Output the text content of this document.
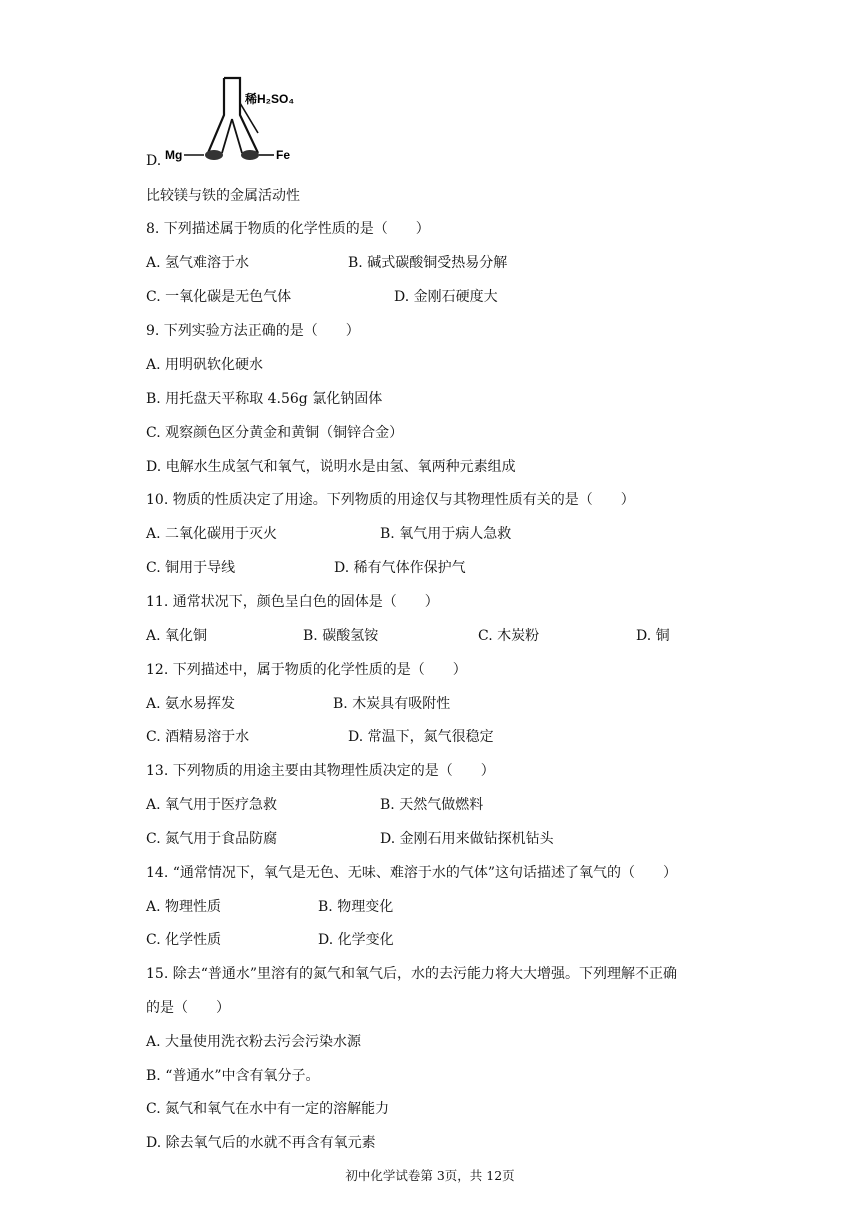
D.
稀H₂SO₄
Mg	Fe
比较镁与铁的金属活动性
8. 下列描述属于物质的化学性质的是（　　）
A. 氢气难溶于水	B. 碱式碳酸铜受热易分解
C. 一氧化碳是无色气体	D. 金刚石硬度大
9. 下列实验方法正确的是（　　）
A. 用明矾软化硬水
B. 用托盘天平称取 4.56g 氯化钠固体
C. 观察颜色区分黄金和黄铜（铜锌合金）
D. 电解水生成氢气和氧气，说明水是由氢、氧两种元素组成
10. 物质的性质决定了用途。下列物质的用途仅与其物理性质有关的是（　　）
A. 二氧化碳用于灭火	B. 氧气用于病人急救
C. 铜用于导线	D. 稀有气体作保护气
11. 通常状况下，颜色呈白色的固体是（　　）
A. 氧化铜	B. 碳酸氢铵	C. 木炭粉	D. 铜
12. 下列描述中，属于物质的化学性质的是（　　）
A. 氨水易挥发	B. 木炭具有吸附性
C. 酒精易溶于水	D. 常温下，氮气很稳定
13. 下列物质的用途主要由其物理性质决定的是（　　）
A. 氧气用于医疗急救	B. 天然气做燃料
C. 氮气用于食品防腐	D. 金刚石用来做钻探机钻头
14. “通常情况下，氧气是无色、无味、难溶于水的气体”这句话描述了氧气的（　　）
A. 物理性质	B. 物理变化
C. 化学性质	D. 化学变化
15. 除去“普通水”里溶有的氮气和氧气后，水的去污能力将大大增强。下列理解不正确
的是（　　）
A. 大量使用洗衣粉去污会污染水源
B. “普通水”中含有氧分子。
C. 氮气和氧气在水中有一定的溶解能力
D. 除去氧气后的水就不再含有氧元素
初中化学试卷第 3页，共 12页
